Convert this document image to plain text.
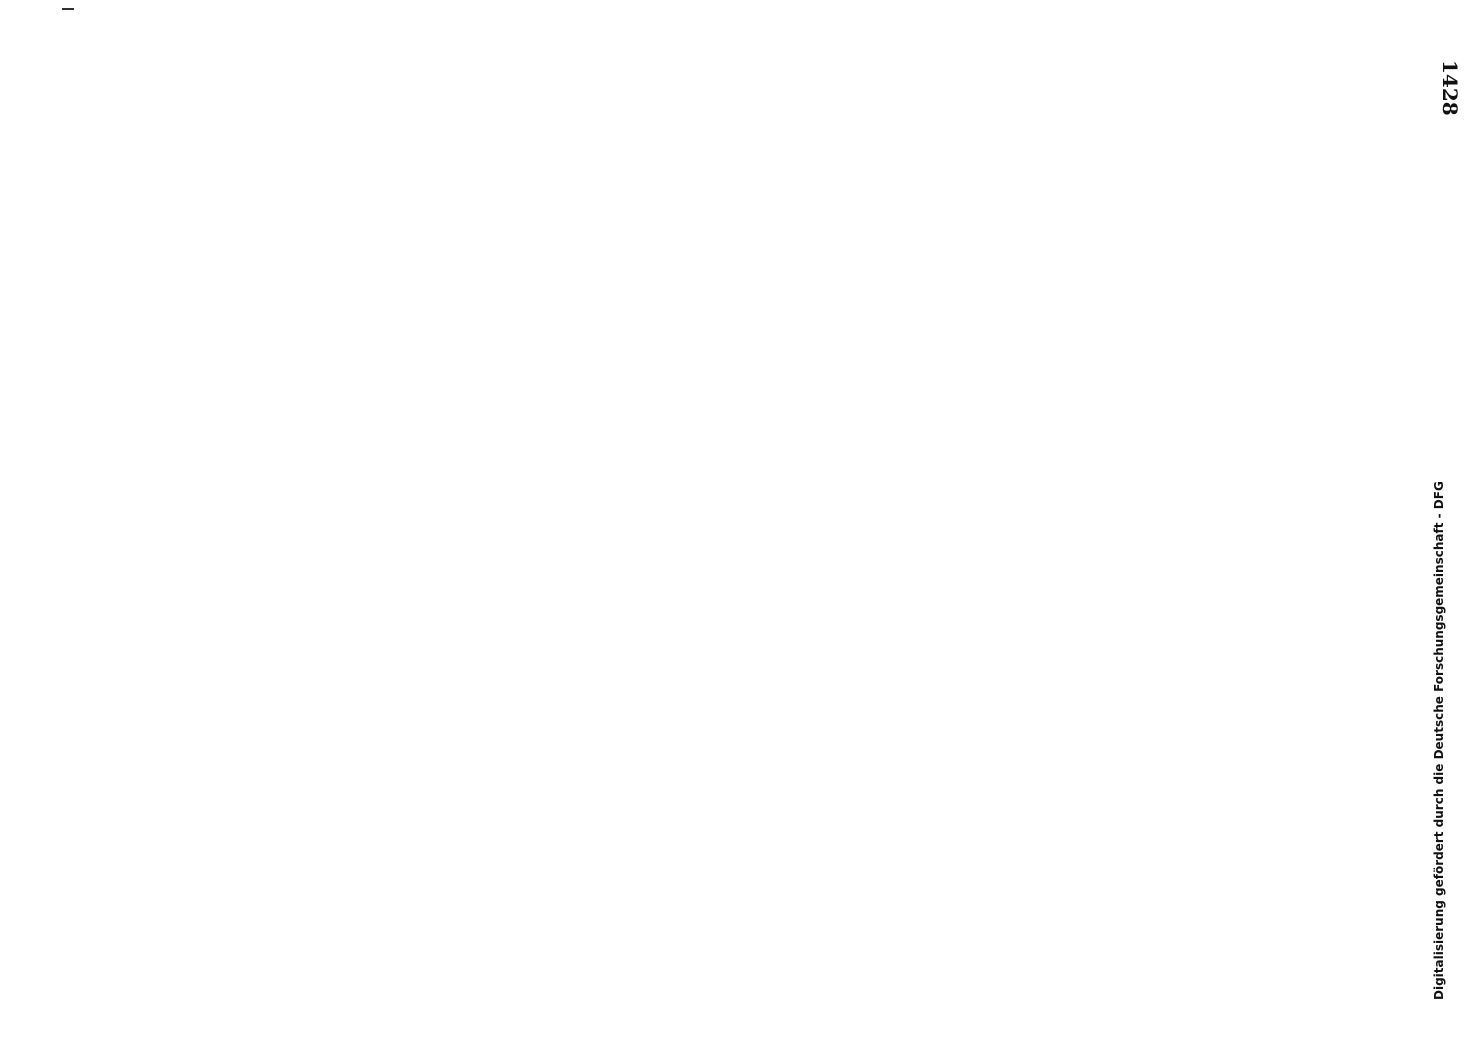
1428
Digitalisierung gefördert durch die Deutsche Forschungsgemeinschaft - DFG
